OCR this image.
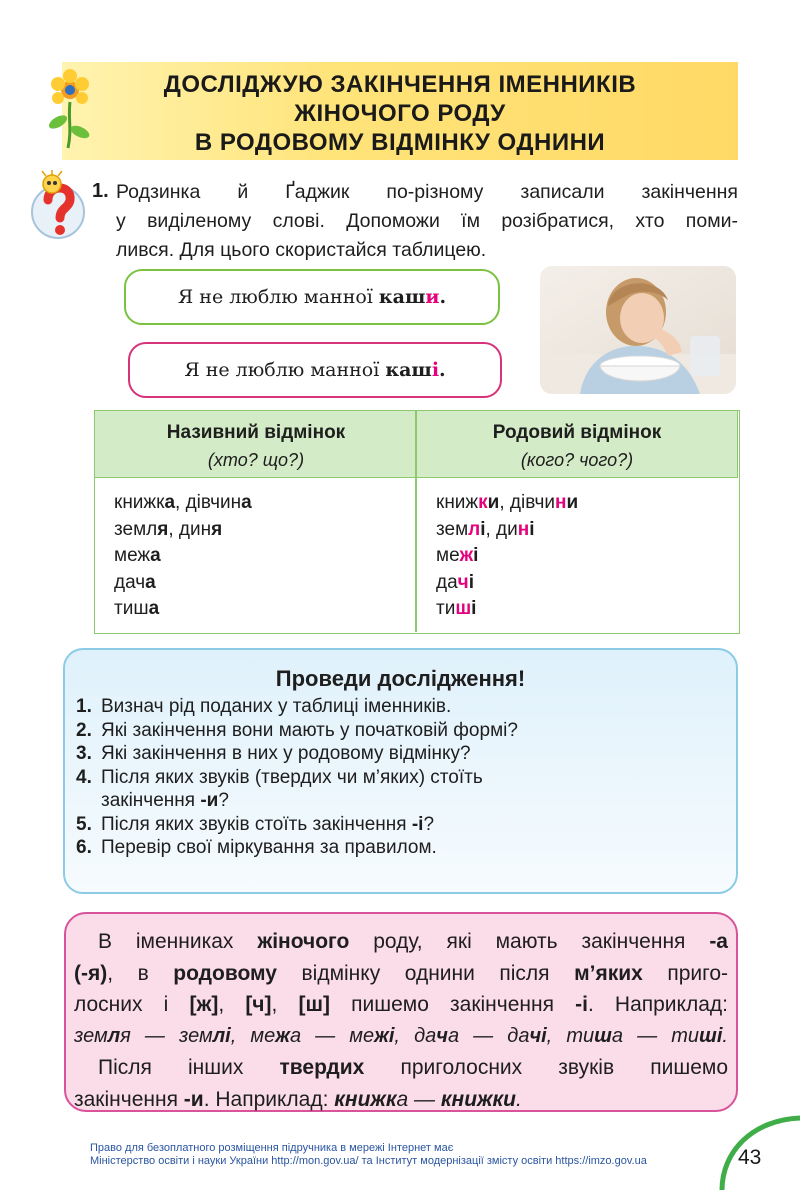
ДОСЛІДЖУЮ ЗАКІНЧЕННЯ ІМЕННИКІВ
ЖІНОЧОГО РОДУ
В РОДОВОМУ ВІДМІНКУ ОДНИНИ
1. Родзинка й Ґаджик по-різному записали закінчення
у виділеному слові. Допоможи їм розібратися, хто поми-
лився. Для цього скористайся таблицею.
Я не люблю манної каш и .
Я не люблю манної каш і .
Називний відмінок
(хто? що?)
Родовий відмінок
(кого? чого?)
книжка, дівчина
земля, диня
межа
дача
тиша
книжки, дівчини
землі, дині
межі
дачі
тиші
Проведи дослідження!
1. Визнач рід поданих у таблиці іменників.
2. Які закінчення вони мають у початковій формі?
3. Які закінчення в них у родовому відмінку?
4. Після яких звуків (твердих чи м’яких) стоїть
закінчення -и ?
5. Після яких звуків стоїть закінчення -і ?
6. Перевір свої міркування за правилом.
В іменниках жіночого роду, які мають закінчення -а
(-я), в родовому відмінку однини після м’яких приго-
лосних і [ж], [ч], [ш] пишемо закінчення -і. Наприклад:
земля — землі, межа — межі, дача — дачі, тиша — тиші.
Після інших твердих приголосних звуків пишемо
закінчення -и. Наприклад: книжка — книжки.
Право для безоплатного розміщення підручника в мережі Інтернет має
Міністерство освіти і науки України http://mon.gov.ua/ та Інститут модернізації змісту освіти https://imzo.gov.ua	43
